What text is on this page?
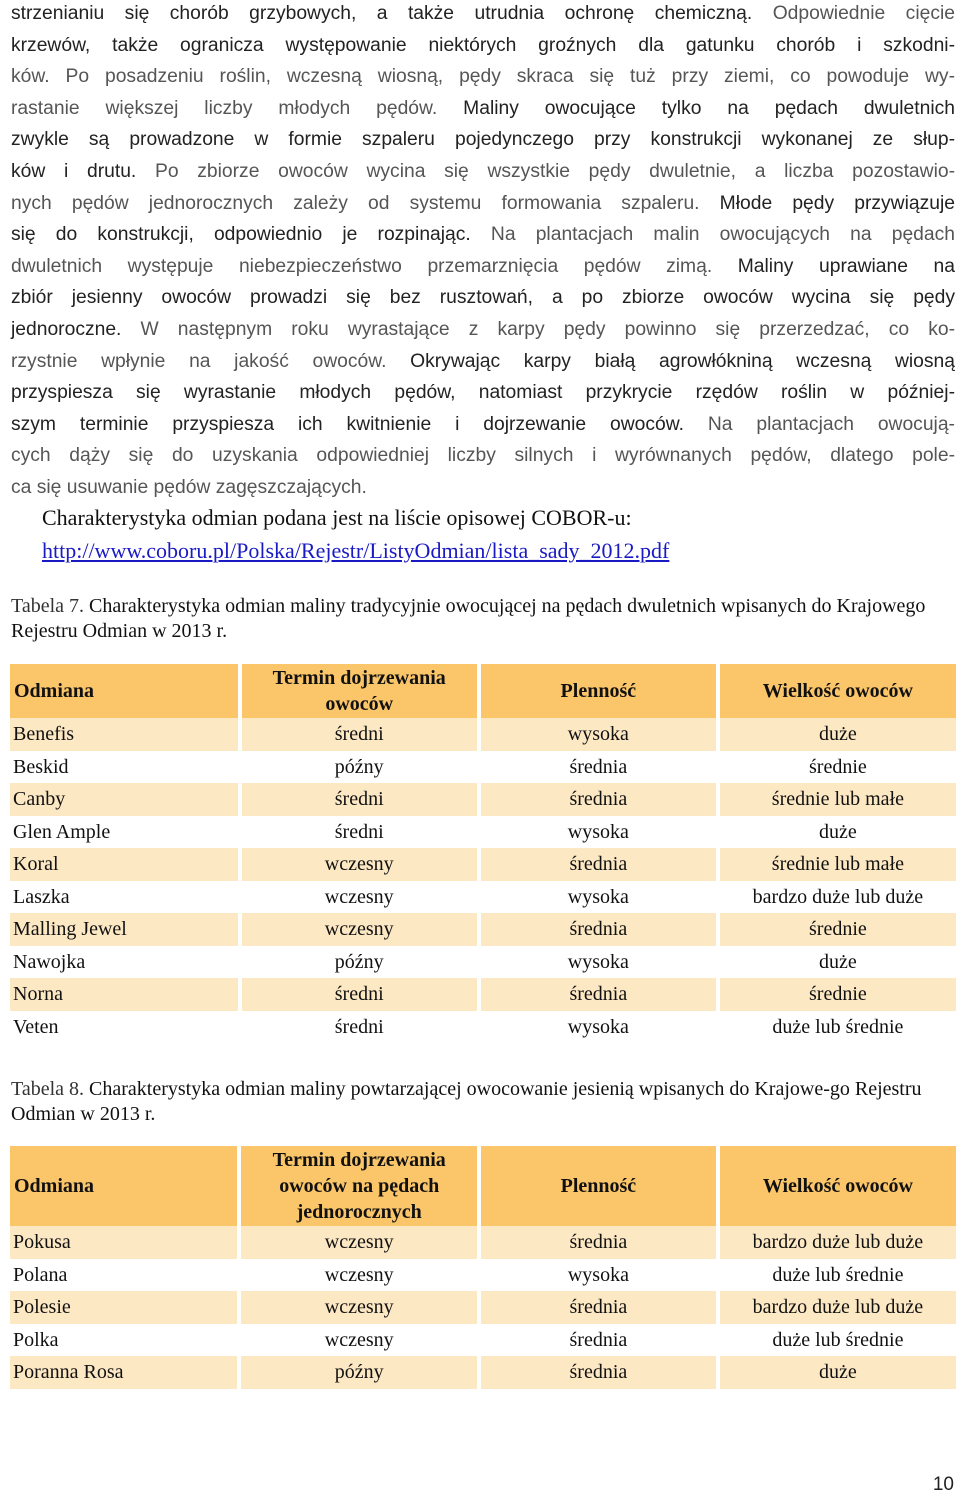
strzenianiu się chorób grzybowych, a także utrudnia ochronę chemiczną. Odpowiednie cięcie
krzewów, także ogranicza występowanie niektórych groźnych dla gatunku chorób i szkodni-
ków. Po posadzeniu roślin, wczesną wiosną, pędy skraca się tuż przy ziemi, co powoduje wy-
rastanie większej liczby młodych pędów. Maliny owocujące tylko na pędach dwuletnich
zwykle są prowadzone w formie szpaleru pojedynczego przy konstrukcji wykonanej ze słup-
ków i drutu. Po zbiorze owoców wycina się wszystkie pędy dwuletnie, a liczba pozostawio-
nych pędów jednorocznych zależy od systemu formowania szpaleru. Młode pędy przywiązuje
się do konstrukcji, odpowiednio je rozpinając. Na plantacjach malin owocujących na pędach
dwuletnich występuje niebezpieczeństwo przemarznięcia pędów zimą. Maliny uprawiane na
zbiór jesienny owoców prowadzi się bez rusztowań, a po zbiorze owoców wycina się pędy
jednoroczne. W następnym roku wyrastające z karpy pędy powinno się przerzedzać, co ko-
rzystnie wpłynie na jakość owoców. Okrywając karpy białą agrowłókniną wczesną wiosną
przyspiesza się wyrastanie młodych pędów, natomiast przykrycie rzędów roślin w później-
szym terminie przyspiesza ich kwitnienie i dojrzewanie owoców. Na plantacjach owocują-
cych dąży się do uzyskania odpowiedniej liczby silnych i wyrównanych pędów, dlatego pole-
ca się usuwanie pędów zagęszczających.
Charakterystyka odmian podana jest na liście opisowej COBOR-u:
http://www.coboru.pl/Polska/Rejestr/ListyOdmian/lista_sady_2012.pdf

Tabela 7. Charakterystyka odmian maliny tradycyjnie owocującej na pędach dwuletnich wpisanych do Krajowego Rejestru Odmian w 2013 r.

Odmiana	Termin dojrzewania owoców	Plenność	Wielkość owoców
Benefis	średni	wysoka	duże
Beskid	późny	średnia	średnie
Canby	średni	średnia	średnie lub małe
Glen Ample	średni	wysoka	duże
Koral	wczesny	średnia	średnie lub małe
Laszka	wczesny	wysoka	bardzo duże lub duże
Malling Jewel	wczesny	średnia	średnie
Nawojka	późny	wysoka	duże
Norna	średni	średnia	średnie
Veten	średni	wysoka	duże lub średnie

Tabela 8. Charakterystyka odmian maliny powtarzającej owocowanie jesienią wpisanych do Krajowe-go Rejestru Odmian w 2013 r.

Odmiana	Termin dojrzewania owoców na pędach jednorocznych	Plenność	Wielkość owoców
Pokusa	wczesny	średnia	bardzo duże lub duże
Polana	wczesny	wysoka	duże lub średnie
Polesie	wczesny	średnia	bardzo duże lub duże
Polka	wczesny	średnia	duże lub średnie
Poranna Rosa	późny	średnia	duże
10
